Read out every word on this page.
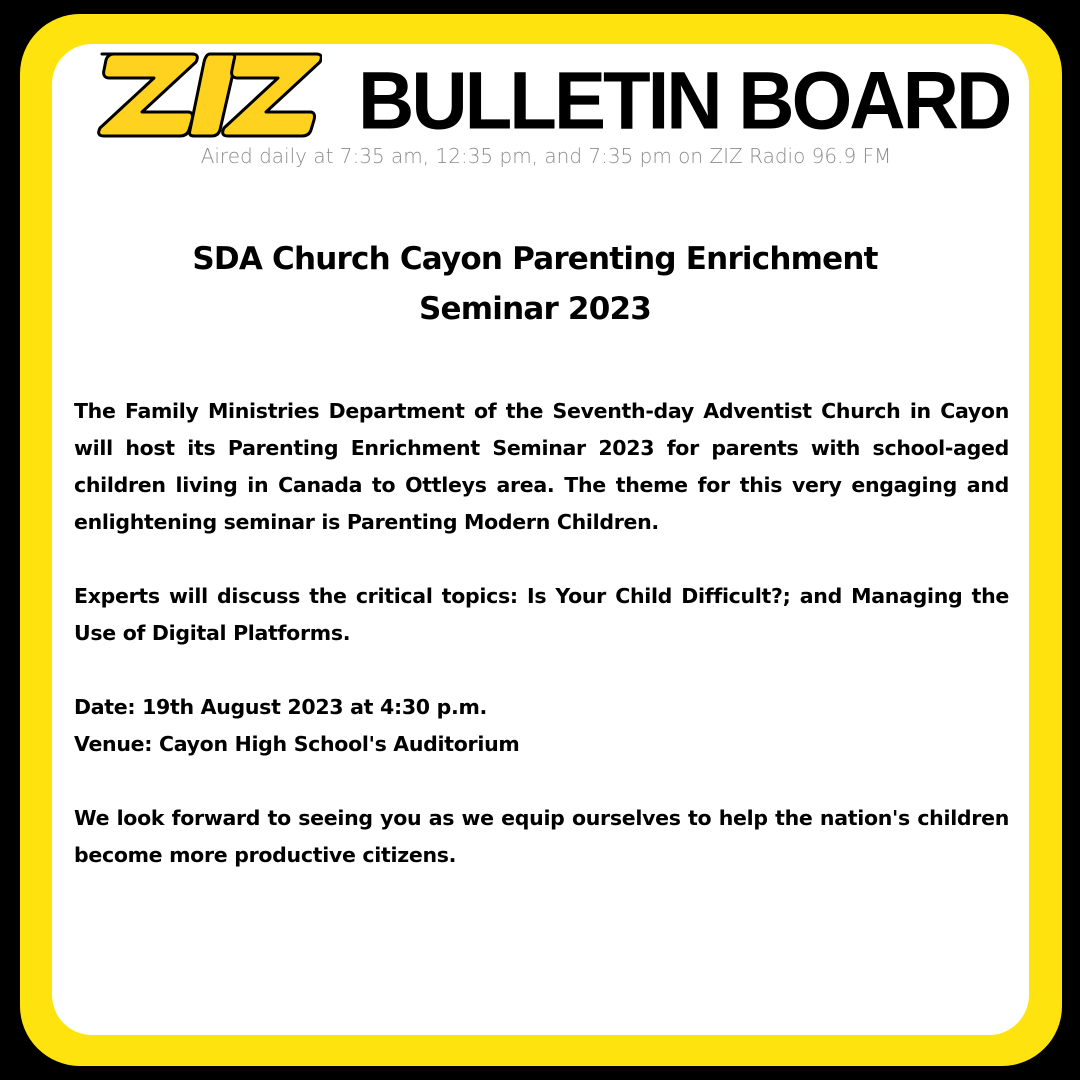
BULLETIN BOARD
Aired daily at 7:35 am, 12:35 pm, and 7:35 pm on ZIZ Radio 96.9 FM
SDA Church Cayon Parenting Enrichment
Seminar 2023

The Family Ministries Department of the Seventh-day Adventist Church in Cayon will host its Parenting Enrichment Seminar 2023 for parents with school-aged children living in Canada to Ottleys area. The theme for this very engaging and enlightening seminar is Parenting Modern Children.

Experts will discuss the critical topics: Is Your Child Difficult?; and Managing the Use of Digital Platforms.

Date: 19th August 2023 at 4:30 p.m.
Venue: Cayon High School's Auditorium

We look forward to seeing you as we equip ourselves to help the nation's children become more productive citizens.
